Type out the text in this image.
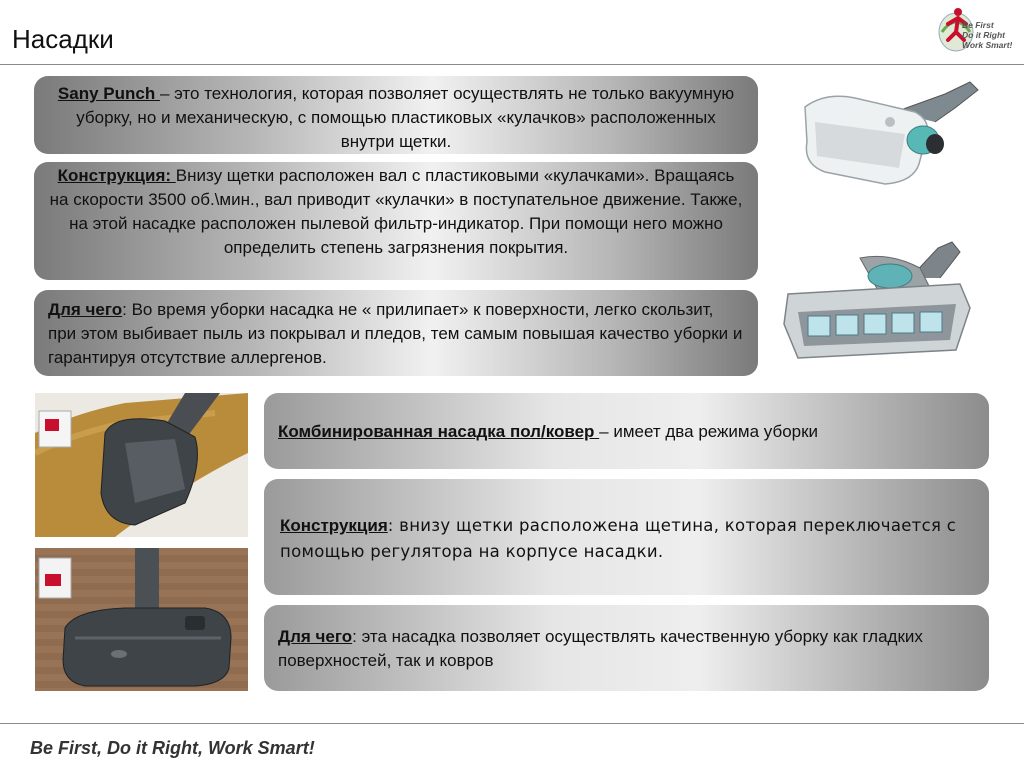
Насадки	Be First
Do it Right
Work Smart!
Sany Punch – это технология, которая позволяет осуществлять не только вакуумную уборку, но и механическую, с помощью пластиковых «кулачков» расположенных внутри щетки.
Конструкция: Внизу щетки расположен вал с пластиковыми «кулачками». Вращаясь на скорости 3500 об.\мин., вал приводит «кулачки» в поступательное движение. Также, на этой насадке расположен пылевой фильтр-индикатор. При помощи него можно определить степень загрязнения покрытия.
Для чего: Во время уборки насадка не « прилипает» к поверхности, легко скользит, при этом выбивает пыль из покрывал и пледов, тем самым повышая качество уборки и гарантируя отсутствие аллергенов.
Комбинированная насадка пол/ковер – имеет два режима уборки
Конструкция: внизу щетки расположена щетина, которая переключается с помощью регулятора на корпусе насадки.
Для чего: эта насадка позволяет осуществлять качественную уборку как гладких поверхностей, так и ковров
Be First, Do it Right, Work Smart!
